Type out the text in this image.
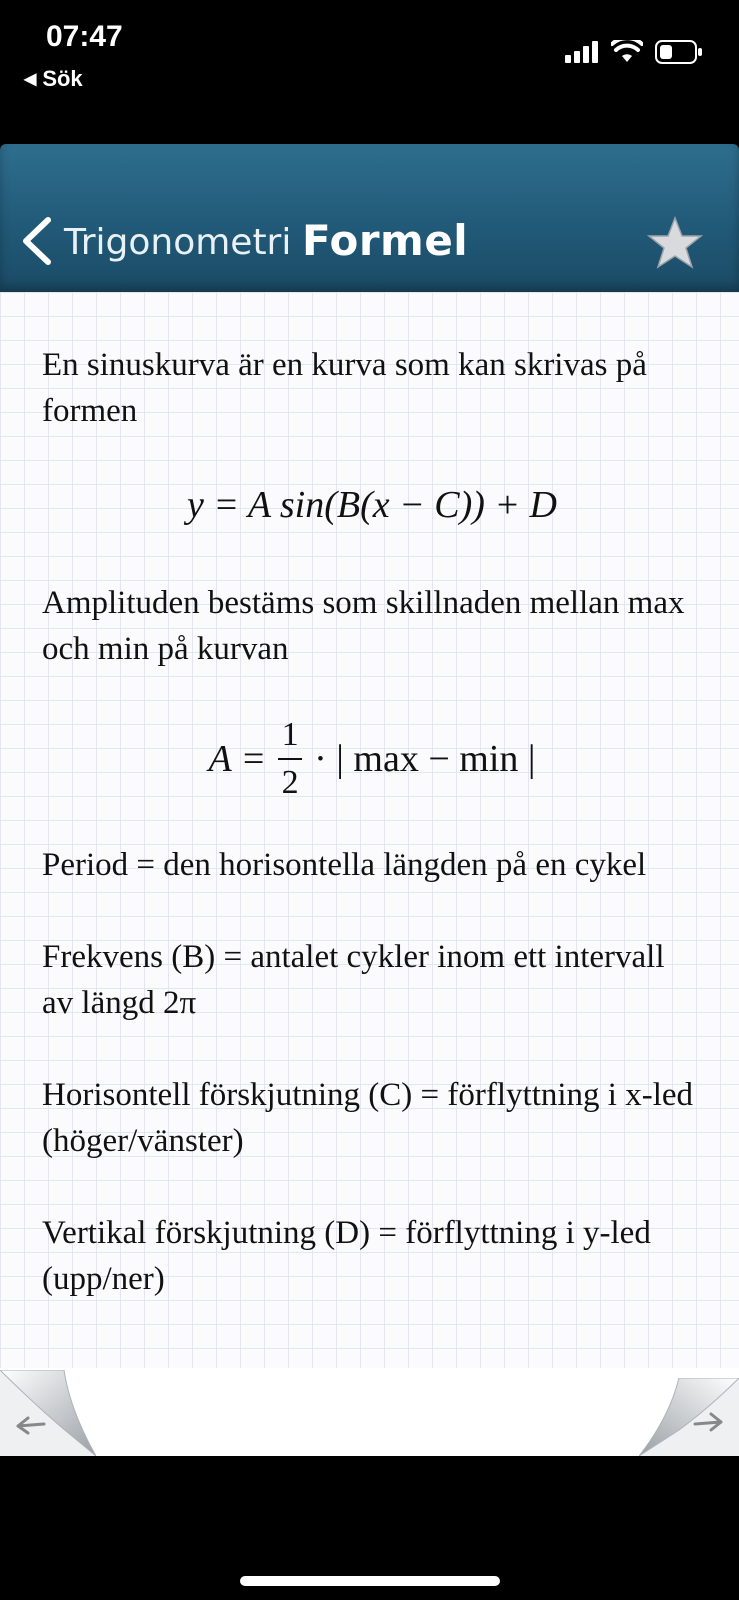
07:47
◀ Sök
Trigonometri Formel

En sinuskurva är en kurva som kan skrivas på formen

y = A sin(B(x − C)) + D

Amplituden bestäms som skillnaden mellan max och min på kurvan

$A = \frac{1}{2}$ · | max − min |

Period = den horisontella längden på en cykel

Frekvens (B) = antalet cykler inom ett intervall av längd 2π

Horisontell förskjutning (C) = förflyttning i x-led (höger/vänster)

Vertikal förskjutning (D) = förflyttning i y-led (upp/ner)
